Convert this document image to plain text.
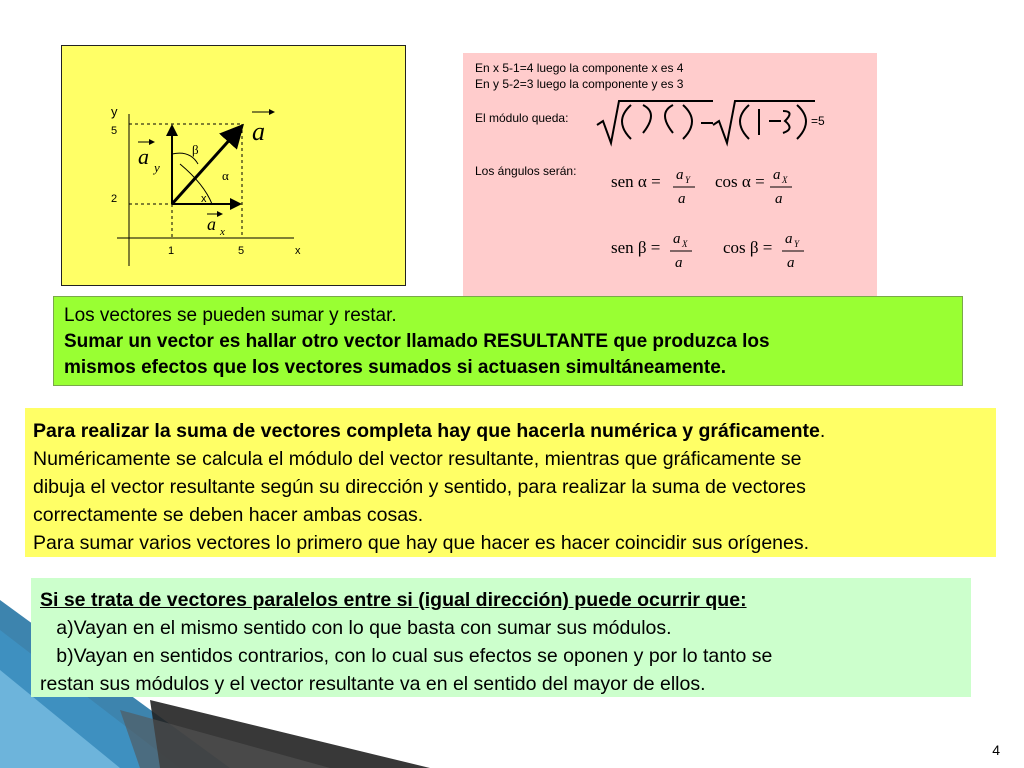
y
5
2
1	5	x
a
a y
a x
α
β
x
En x 5-1=4 luego la componente x es 4
En y 5-2=3 luego la componente y es 3
El módulo queda:
Los ángulos serán:
=5
sen α = a Y
a
cos α = a X
a
sen β = a X
a
cos β = a Y
a
Los vectores se pueden sumar y restar.
Sumar un vector es hallar otro vector llamado RESULTANTE que produzca los
mismos efectos que los vectores sumados si actuasen simultáneamente.
Para realizar la suma de vectores completa hay que hacerla numérica y gráficamente.
Numéricamente se calcula el módulo del vector resultante, mientras que gráficamente se
dibuja el vector resultante según su dirección y sentido, para realizar la suma de vectores
correctamente se deben hacer ambas cosas.
Para sumar varios vectores lo primero que hay que hacer es hacer coincidir sus orígenes.
Si se trata de vectores paralelos entre si (igual dirección) puede ocurrir que:
a)Vayan en el mismo sentido con lo que basta con sumar sus módulos.
b)Vayan en sentidos contrarios, con lo cual sus efectos se oponen y por lo tanto se
restan sus módulos y el vector resultante va en el sentido del mayor de ellos.
4
